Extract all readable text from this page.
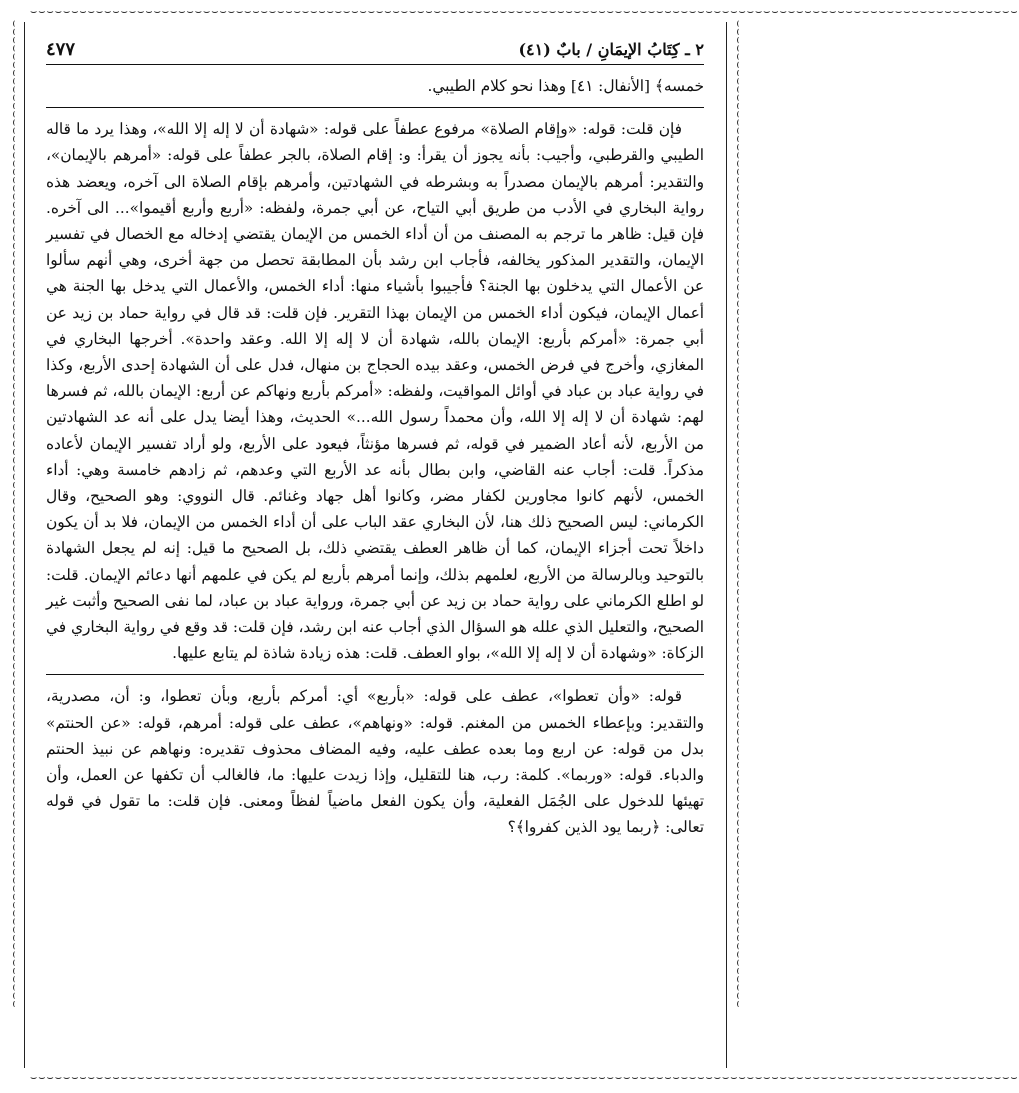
⌣⌣⌣⌣⌣⌣⌣⌣⌣⌣⌣⌣⌣⌣⌣⌣⌣⌣⌣⌣⌣⌣⌣⌣⌣⌣⌣⌣⌣⌣⌣⌣⌣⌣⌣⌣⌣⌣⌣⌣⌣⌣⌣⌣⌣⌣⌣⌣⌣⌣⌣⌣⌣⌣⌣⌣⌣⌣⌣⌣⌣⌣⌣⌣⌣⌣⌣⌣⌣⌣⌣⌣⌣⌣⌣⌣⌣⌣⌣⌣⌣⌣⌣⌣⌣⌣⌣⌣⌣⌣⌣⌣⌣⌣⌣⌣⌣⌣⌣⌣⌣⌣⌣⌣⌣⌣⌣⌣⌣⌣⌣⌣⌣⌣⌣⌣⌣⌣⌣⌣
⌣⌣⌣⌣⌣⌣⌣⌣⌣⌣⌣⌣⌣⌣⌣⌣⌣⌣⌣⌣⌣⌣⌣⌣⌣⌣⌣⌣⌣⌣⌣⌣⌣⌣⌣⌣⌣⌣⌣⌣⌣⌣⌣⌣⌣⌣⌣⌣⌣⌣⌣⌣⌣⌣⌣⌣⌣⌣⌣⌣⌣⌣⌣⌣⌣⌣⌣⌣⌣⌣⌣⌣⌣⌣⌣⌣⌣⌣⌣⌣⌣⌣⌣⌣⌣⌣⌣⌣⌣⌣⌣⌣⌣⌣⌣⌣⌣⌣⌣⌣⌣⌣⌣⌣⌣⌣⌣⌣⌣⌣⌣⌣⌣⌣⌣⌣⌣⌣⌣⌣
⌣⌣⌣⌣⌣⌣⌣⌣⌣⌣⌣⌣⌣⌣⌣⌣⌣⌣⌣⌣⌣⌣⌣⌣⌣⌣⌣⌣⌣⌣⌣⌣⌣⌣⌣⌣⌣⌣⌣⌣⌣⌣⌣⌣⌣⌣⌣⌣⌣⌣⌣⌣⌣⌣⌣⌣⌣⌣⌣⌣⌣⌣⌣⌣⌣⌣⌣⌣⌣⌣⌣⌣⌣⌣⌣⌣⌣⌣⌣⌣⌣⌣⌣⌣⌣⌣⌣⌣⌣⌣⌣⌣⌣⌣⌣⌣⌣⌣⌣⌣⌣⌣⌣⌣⌣⌣⌣⌣⌣⌣⌣⌣⌣⌣⌣⌣⌣⌣⌣⌣	⌣⌣⌣⌣⌣⌣⌣⌣⌣⌣⌣⌣⌣⌣⌣⌣⌣⌣⌣⌣⌣⌣⌣⌣⌣⌣⌣⌣⌣⌣⌣⌣⌣⌣⌣⌣⌣⌣⌣⌣⌣⌣⌣⌣⌣⌣⌣⌣⌣⌣⌣⌣⌣⌣⌣⌣⌣⌣⌣⌣⌣⌣⌣⌣⌣⌣⌣⌣⌣⌣⌣⌣⌣⌣⌣⌣⌣⌣⌣⌣⌣⌣⌣⌣⌣⌣⌣⌣⌣⌣⌣⌣⌣⌣⌣⌣⌣⌣⌣⌣⌣⌣⌣⌣⌣⌣⌣⌣⌣⌣⌣⌣⌣⌣⌣⌣⌣⌣⌣⌣
٢ ـ كِتَابُ الإيمَانِ / بابٌ (٤١)
٤٧٧

خمسه﴾ [الأنفال: ٤١] وهذا نحو كلام الطيبي.

فإن قلت: قوله: «وإقام الصلاة» مرفوع عطفاً على قوله: «شهادة أن لا إله إلا الله»، وهذا يرد ما قاله الطيبي والقرطبي، وأجيب: بأنه يجوز أن يقرأ: و: إقام الصلاة، بالجر عطفاً على قوله: «أمرهم بالإيمان»، والتقدير: أمرهم بالإيمان مصدراً به وبشرطه في الشهادتين، وأمرهم بإقام الصلاة الى آخره، ويعضد هذه رواية البخاري في الأدب من طريق أبي التياح، عن أبي جمرة، ولفظه: «أربع وأربع أقيموا»... الى آخره. فإن قيل: ظاهر ما ترجم به المصنف من أن أداء الخمس من الإيمان يقتضي إدخاله مع الخصال في تفسير الإيمان، والتقدير المذكور يخالفه، فأجاب ابن رشد بأن المطابقة تحصل من جهة أخرى، وهي أنهم سألوا عن الأعمال التي يدخلون بها الجنة؟ فأجيبوا بأشياء منها: أداء الخمس، والأعمال التي يدخل بها الجنة هي أعمال الإيمان، فيكون أداء الخمس من الإيمان بهذا التقرير. فإن قلت: قد قال في رواية حماد بن زيد عن أبي جمرة: «أمركم بأربع: الإيمان بالله، شهادة أن لا إله إلا الله. وعقد واحدة». أخرجها البخاري في المغازي، وأخرج في فرض الخمس، وعقد بيده الحجاج بن منهال، فدل على أن الشهادة إحدى الأربع، وكذا في رواية عباد بن عباد في أوائل المواقيت، ولفظه: «أمركم بأربع ونهاكم عن أربع: الإيمان بالله، ثم فسرها لهم: شهادة أن لا إله إلا الله، وأن محمداً رسول الله...» الحديث، وهذا أيضا يدل على أنه عد الشهادتين من الأربع، لأنه أعاد الضمير في قوله، ثم فسرها مؤنثاً، فيعود على الأربع، ولو أراد تفسير الإيمان لأعاده مذكراً. قلت: أجاب عنه القاضي، وابن بطال بأنه عد الأربع التي وعدهم، ثم زادهم خامسة وهي: أداء الخمس، لأنهم كانوا مجاورين لكفار مضر، وكانوا أهل جهاد وغنائم. قال النووي: وهو الصحيح، وقال الكرماني: ليس الصحيح ذلك هنا، لأن البخاري عقد الباب على أن أداء الخمس من الإيمان، فلا بد أن يكون داخلاً تحت أجزاء الإيمان، كما أن ظاهر العطف يقتضي ذلك، بل الصحيح ما قيل: إنه لم يجعل الشهادة بالتوحيد وبالرسالة من الأربع، لعلمهم بذلك، وإنما أمرهم بأربع لم يكن في علمهم أنها دعائم الإيمان. قلت: لو اطلع الكرماني على رواية حماد بن زيد عن أبي جمرة، ورواية عباد بن عباد، لما نفى الصحيح وأثبت غير الصحيح، والتعليل الذي علله هو السؤال الذي أجاب عنه ابن رشد، فإن قلت: قد وقع في رواية البخاري في الزكاة: «وشهادة أن لا إله إلا الله»، بواو العطف. قلت: هذه زيادة شاذة لم يتابع عليها.

قوله: «وأن تعطوا»، عطف على قوله: «بأربع» أي: أمركم بأربع، وبأن تعطوا، و: أن، مصدرية، والتقدير: وبإعطاء الخمس من المغنم. قوله: «ونهاهم»، عطف على قوله: أمرهم، قوله: «عن الحنتم» بدل من قوله: عن اربع وما بعده عطف عليه، وفيه المضاف محذوف تقديره: ونهاهم عن نبيذ الحنتم والدباء. قوله: «وربما». كلمة: رب، هنا للتقليل، وإذا زيدت عليها: ما، فالغالب أن تكفها عن العمل، وأن تهيئها للدخول على الجُمَل الفعلية، وأن يكون الفعل ماضياً لفظاً ومعنى. فإن قلت: ما تقول في قوله تعالى: ﴿ربما يود الذين كفروا﴾؟
